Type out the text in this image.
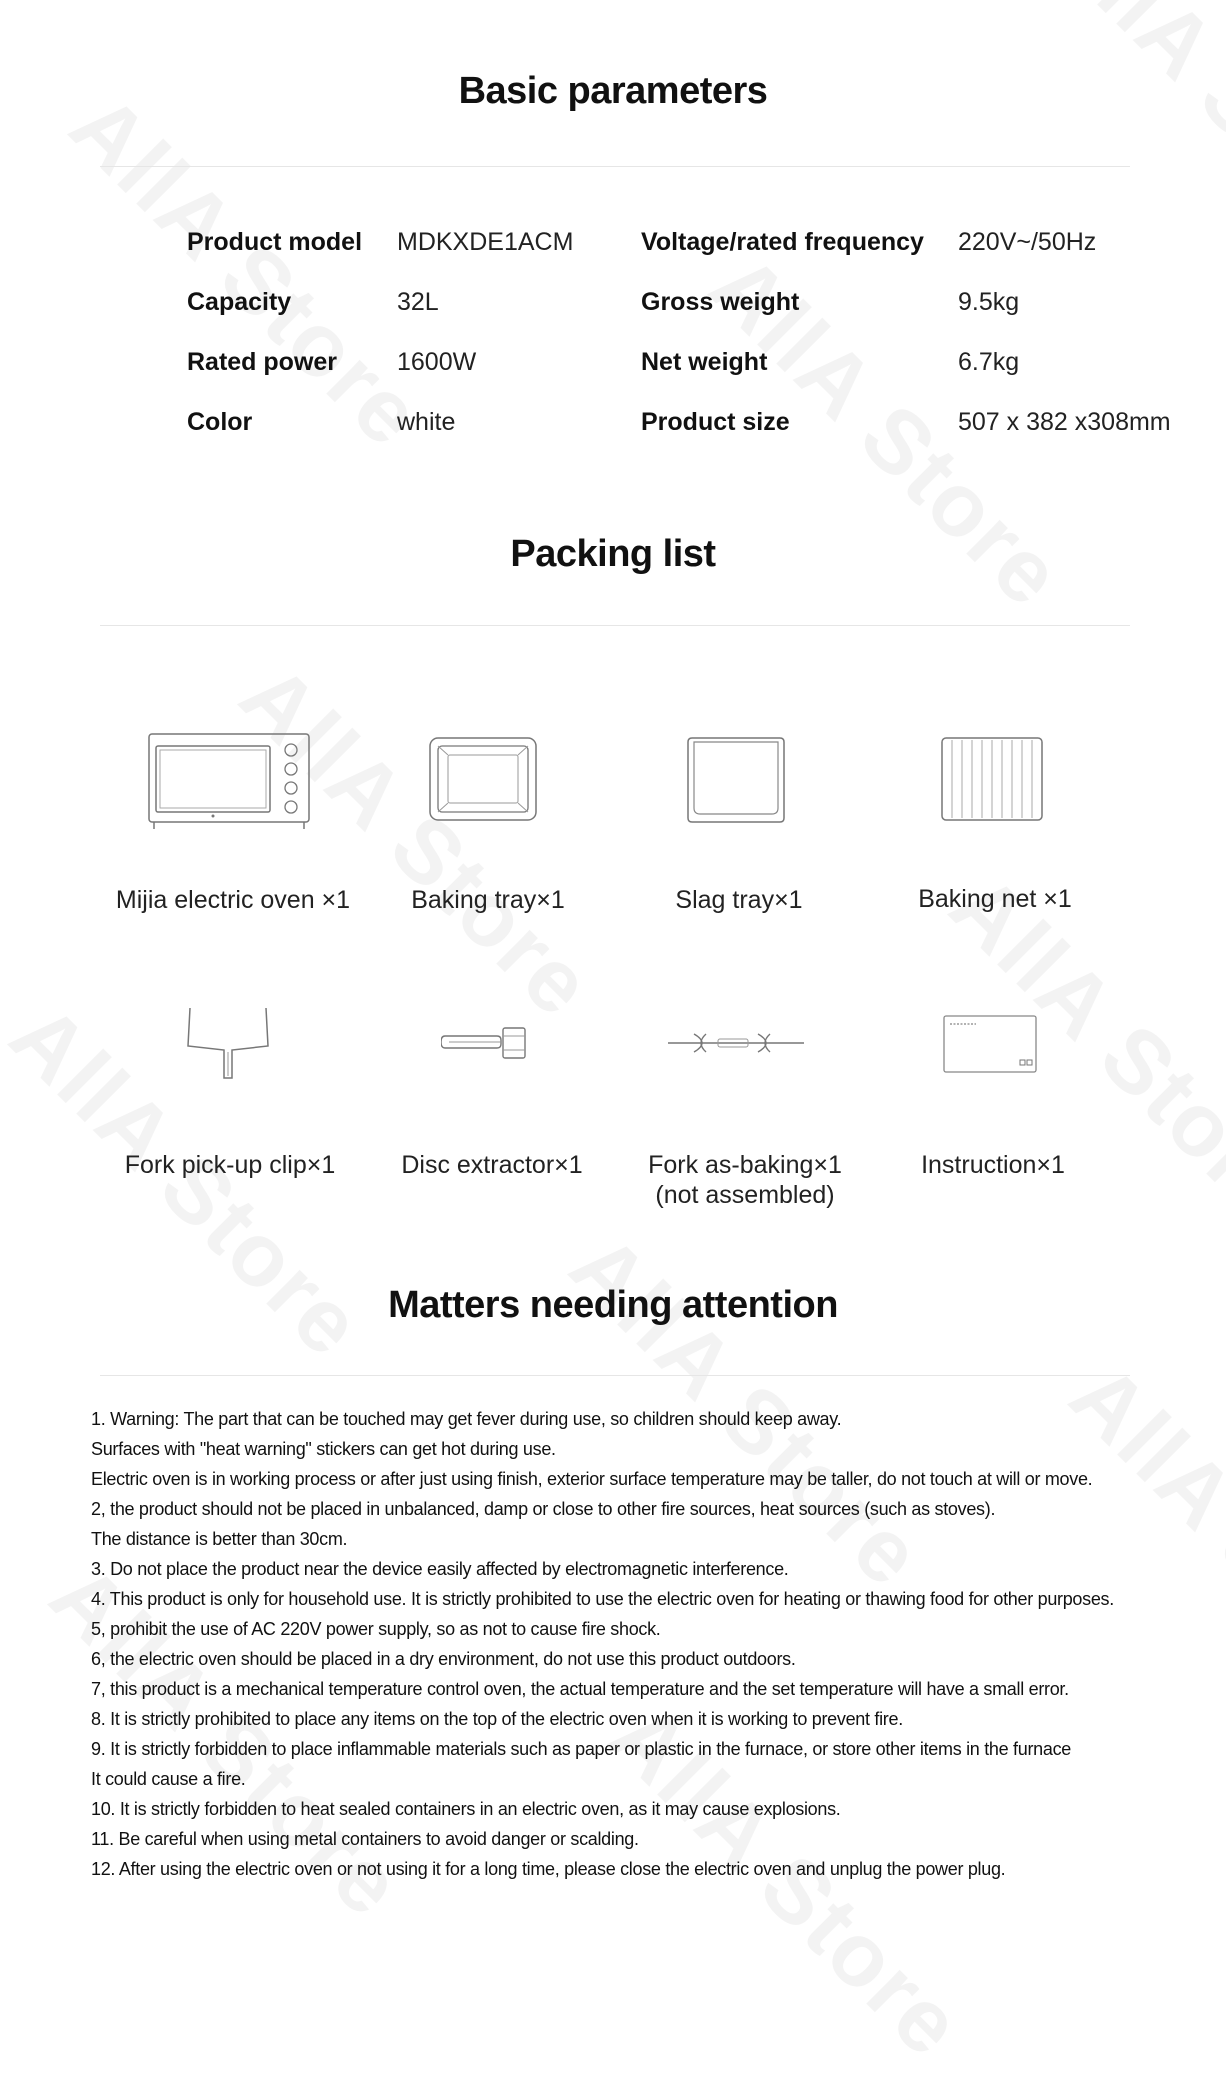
Basic parameters
Product model MDKXDE1ACM	Voltage/rated frequency 220V~/50Hz
Capacity	32L	Gross weight	9.5kg
Rated power 1600W	Net weight	6.7kg
Color	white	Product size	507 x 382 x308mm
Packing list
Mijia electric oven ×1	Baking tray×1	Slag tray×1	Baking net ×1
Fork pick-up clip×1	Disc extractor×1	Fork as-baking×1
(not assembled)
Instruction×1
Matters needing attention
1. Warning: The part that can be touched may get fever during use, so children should keep away.
Surfaces with "heat warning" stickers can get hot during use.
Electric oven is in working process or after just using finish, exterior surface temperature may be taller, do not touch at will or move.
2, the product should not be placed in unbalanced, damp or close to other fire sources, heat sources (such as stoves).
The distance is better than 30cm.
3. Do not place the product near the device easily affected by electromagnetic interference.
4. This product is only for household use. It is strictly prohibited to use the electric oven for heating or thawing food for other purposes.
5, prohibit the use of AC 220V power supply, so as not to cause fire shock.
6, the electric oven should be placed in a dry environment, do not use this product outdoors.
7, this product is a mechanical temperature control oven, the actual temperature and the set temperature will have a small error.
8. It is strictly prohibited to place any items on the top of the electric oven when it is working to prevent fire.
9. It is strictly forbidden to place inflammable materials such as paper or plastic in the furnace, or store other items in the furnace
It could cause a fire.
10. It is strictly forbidden to heat sealed containers in an electric oven, as it may cause explosions.
11. Be careful when using metal containers to avoid danger or scalding.
12. After using the electric oven or not using it for a long time, please close the electric oven and unplug the power plug.
